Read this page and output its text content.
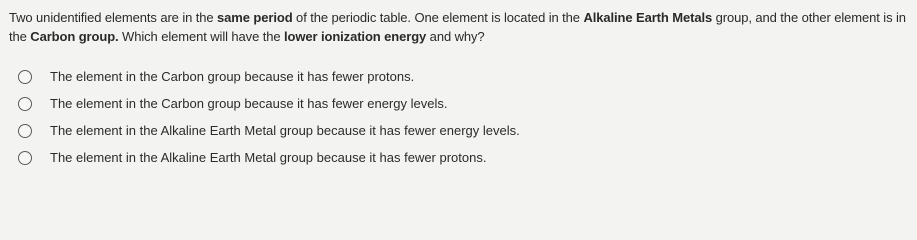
Two unidentified elements are in the same period of the periodic table. One element is located in the Alkaline Earth Metals group, and the other element is in the Carbon group. Which element will have the lower ionization energy and why?
The element in the Carbon group because it has fewer protons.
The element in the Carbon group because it has fewer energy levels.
The element in the Alkaline Earth Metal group because it has fewer energy levels.
The element in the Alkaline Earth Metal group because it has fewer protons.
